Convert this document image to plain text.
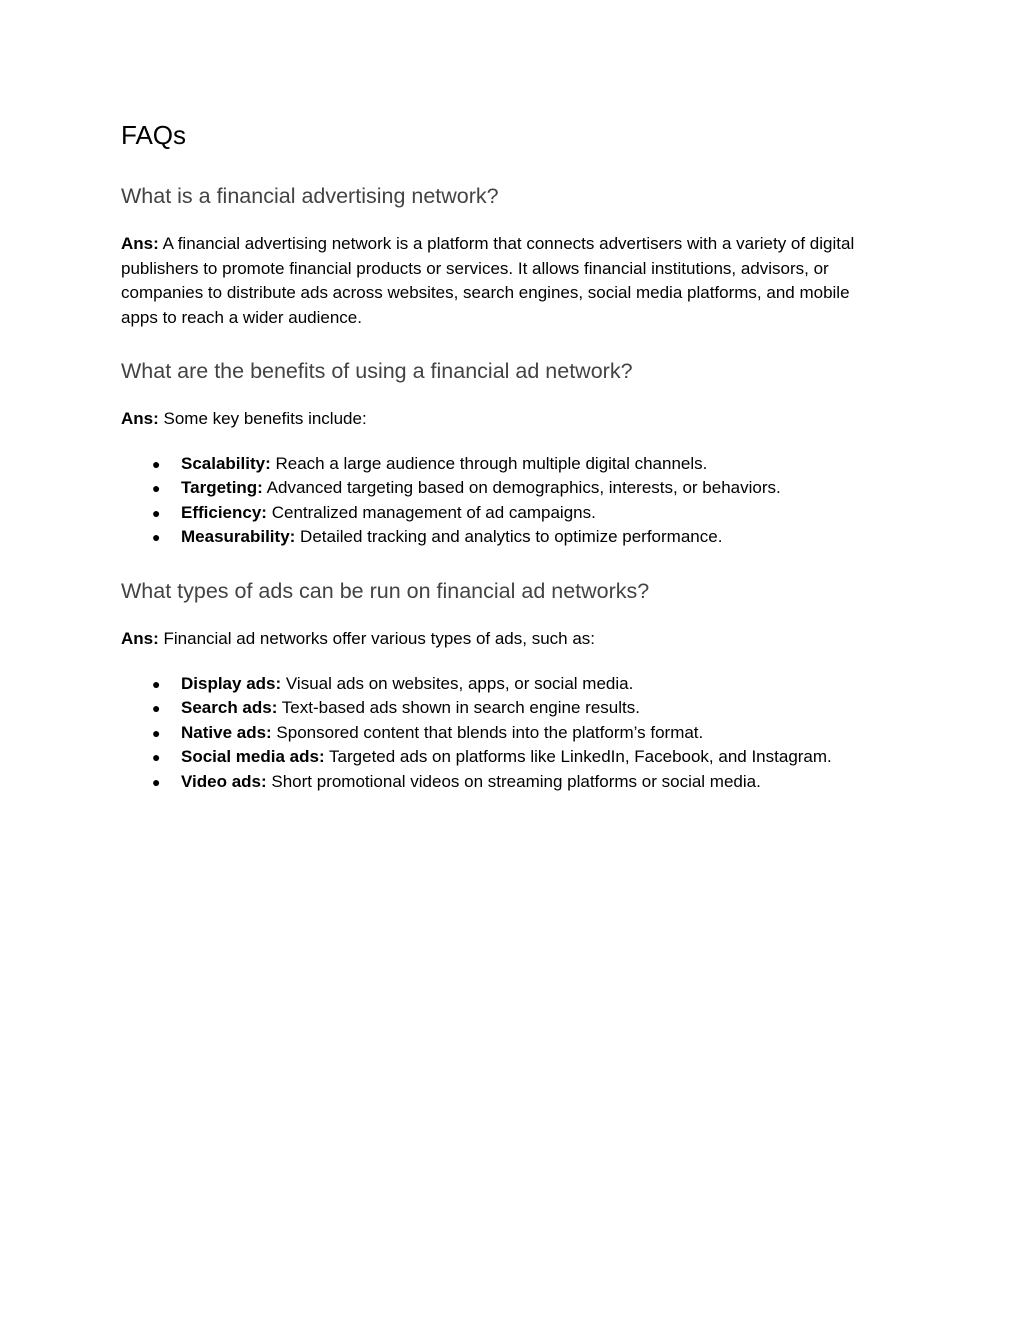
FAQs
What is a financial advertising network?

Ans: A financial advertising network is a platform that connects advertisers with a variety of digital publishers to promote financial products or services. It allows financial institutions, advisors, or companies to distribute ads across websites, search engines, social media platforms, and mobile apps to reach a wider audience.

What are the benefits of using a financial ad network?

Ans: Some key benefits include:

● Scalability: Reach a large audience through multiple digital channels.
● Targeting: Advanced targeting based on demographics, interests, or behaviors.
● Efficiency: Centralized management of ad campaigns.
● Measurability: Detailed tracking and analytics to optimize performance.
What types of ads can be run on financial ad networks?

Ans: Financial ad networks offer various types of ads, such as:

● Display ads: Visual ads on websites, apps, or social media.
● Search ads: Text-based ads shown in search engine results.
● Native ads: Sponsored content that blends into the platform’s format.
● Social media ads: Targeted ads on platforms like LinkedIn, Facebook, and Instagram.
● Video ads: Short promotional videos on streaming platforms or social media.
